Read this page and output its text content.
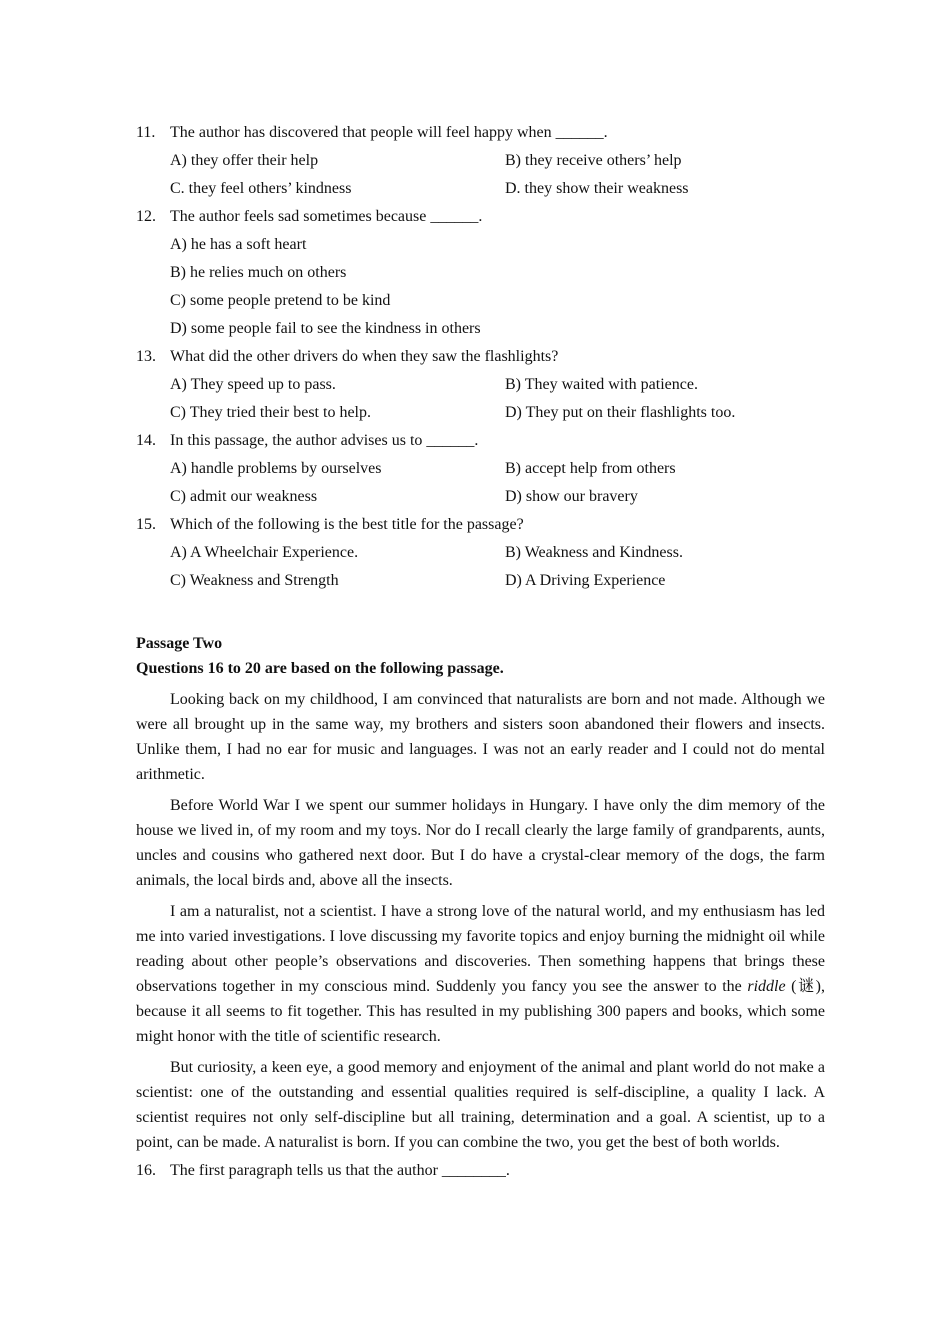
11. The author has discovered that people will feel happy when ______.
A) they offer their help	B) they receive others’ help
C. they feel others’ kindness	D. they show their weakness
12. The author feels sad sometimes because ______.
A) he has a soft heart
B) he relies much on others
C) some people pretend to be kind
D) some people fail to see the kindness in others
13. What did the other drivers do when they saw the flashlights?
A) They speed up to pass.	B) They waited with patience.
C) They tried their best to help.	D) They put on their flashlights too.
14. In this passage, the author advises us to ______.
A) handle problems by ourselves	B) accept help from others
C) admit our weakness	D) show our bravery
15. Which of the following is the best title for the passage?
A) A Wheelchair Experience.	B) Weakness and Kindness.
C) Weakness and Strength	D) A Driving Experience
Passage Two
Questions 16 to 20 are based on the following passage.

Looking back on my childhood, I am convinced that naturalists are born and not made. Although we were all brought up in the same way, my brothers and sisters soon abandoned their flowers and insects. Unlike them, I had no ear for music and languages. I was not an early reader and I could not do mental arithmetic.

Before World War I we spent our summer holidays in Hungary. I have only the dim memory of the house we lived in, of my room and my toys. Nor do I recall clearly the large family of grandparents, aunts, uncles and cousins who gathered next door. But I do have a crystal-clear memory of the dogs, the farm animals, the local birds and, above all the insects.

I am a naturalist, not a scientist. I have a strong love of the natural world, and my enthusiasm has led me into varied investigations. I love discussing my favorite topics and enjoy burning the midnight oil while reading about other people’s observations and discoveries. Then something happens that brings these observations together in my conscious mind. Suddenly you fancy you see the answer to the riddle (谜), because it all seems to fit together. This has resulted in my publishing 300 papers and books, which some might honor with the title of scientific research.

But curiosity, a keen eye, a good memory and enjoyment of the animal and plant world do not make a scientist: one of the outstanding and essential qualities required is self-discipline, a quality I lack. A scientist requires not only self-discipline but all training, determination and a goal. A scientist, up to a point, can be made. A naturalist is born. If you can combine the two, you get the best of both worlds.

16. The first paragraph tells us that the author ________.
